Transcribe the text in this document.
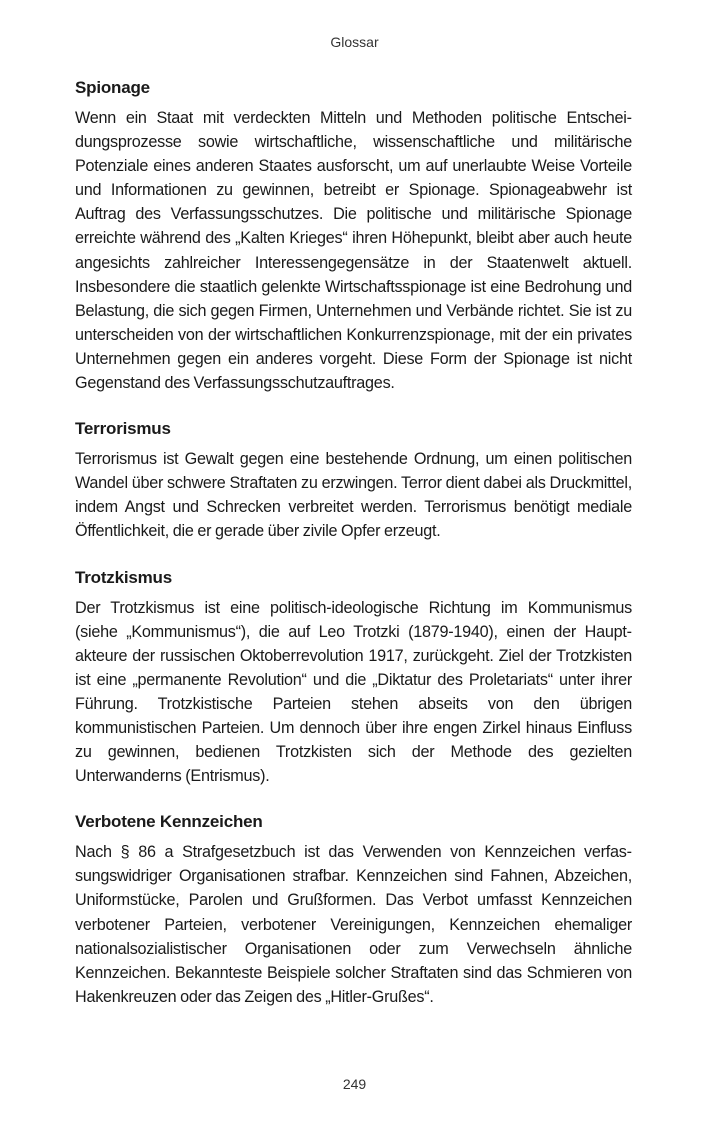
Glossar
Spionage

Wenn ein Staat mit verdeckten Mitteln und Methoden politische Entscheidungsprozesse sowie wirtschaftliche, wissenschaftliche und militärische Potenziale eines anderen Staates ausforscht, um auf unerlaubte Weise Vorteile und Informationen zu gewinnen, betreibt er Spionage. Spionageabwehr ist Auftrag des Verfassungsschutzes. Die politische und militärische Spionage erreichte während des „Kalten Krieges“ ihren Höhepunkt, bleibt aber auch heute angesichts zahlreicher Interessengegensätze in der Staatenwelt aktuell. Insbesondere die staatlich gelenkte Wirtschaftsspionage ist eine Bedrohung und Belastung, die sich gegen Firmen, Unternehmen und Verbände richtet. Sie ist zu unterscheiden von der wirtschaftlichen Konkurrenzspionage, mit der ein privates Unternehmen gegen ein anderes vorgeht. Diese Form der Spionage ist nicht Gegenstand des Verfassungsschutzauftrages.

Terrorismus

Terrorismus ist Gewalt gegen eine bestehende Ordnung, um einen politischen Wandel über schwere Straftaten zu erzwingen. Terror dient dabei als Druckmittel, indem Angst und Schrecken verbreitet werden. Terrorismus benötigt mediale Öffentlichkeit, die er gerade über zivile Opfer erzeugt.

Trotzkismus

Der Trotzkismus ist eine politisch-ideologische Richtung im Kommunismus (siehe „Kommunismus“), die auf Leo Trotzki (1879-1940), einen der Hauptakteure der russischen Oktoberrevolution 1917, zurückgeht. Ziel der Trotzkisten ist eine „permanente Revolution“ und die „Diktatur des Proletariats“ unter ihrer Führung. Trotzkistische Parteien stehen abseits von den übrigen kommunistischen Parteien. Um dennoch über ihre engen Zirkel hinaus Einfluss zu gewinnen, bedienen Trotzkisten sich der Methode des gezielten Unterwanderns (Entrismus).

Verbotene Kennzeichen

Nach § 86 a Strafgesetzbuch ist das Verwenden von Kennzeichen verfassungswidriger Organisationen strafbar. Kennzeichen sind Fahnen, Abzeichen, Uniformstücke, Parolen und Grußformen. Das Verbot umfasst Kennzeichen verbotener Parteien, verbotener Vereinigungen, Kennzeichen ehemaliger nationalsozialistischer Organisationen oder zum Verwechseln ähnliche Kennzeichen. Bekannteste Beispiele solcher Straftaten sind das Schmieren von Hakenkreuzen oder das Zeigen des „Hitler-Grußes“.

249
